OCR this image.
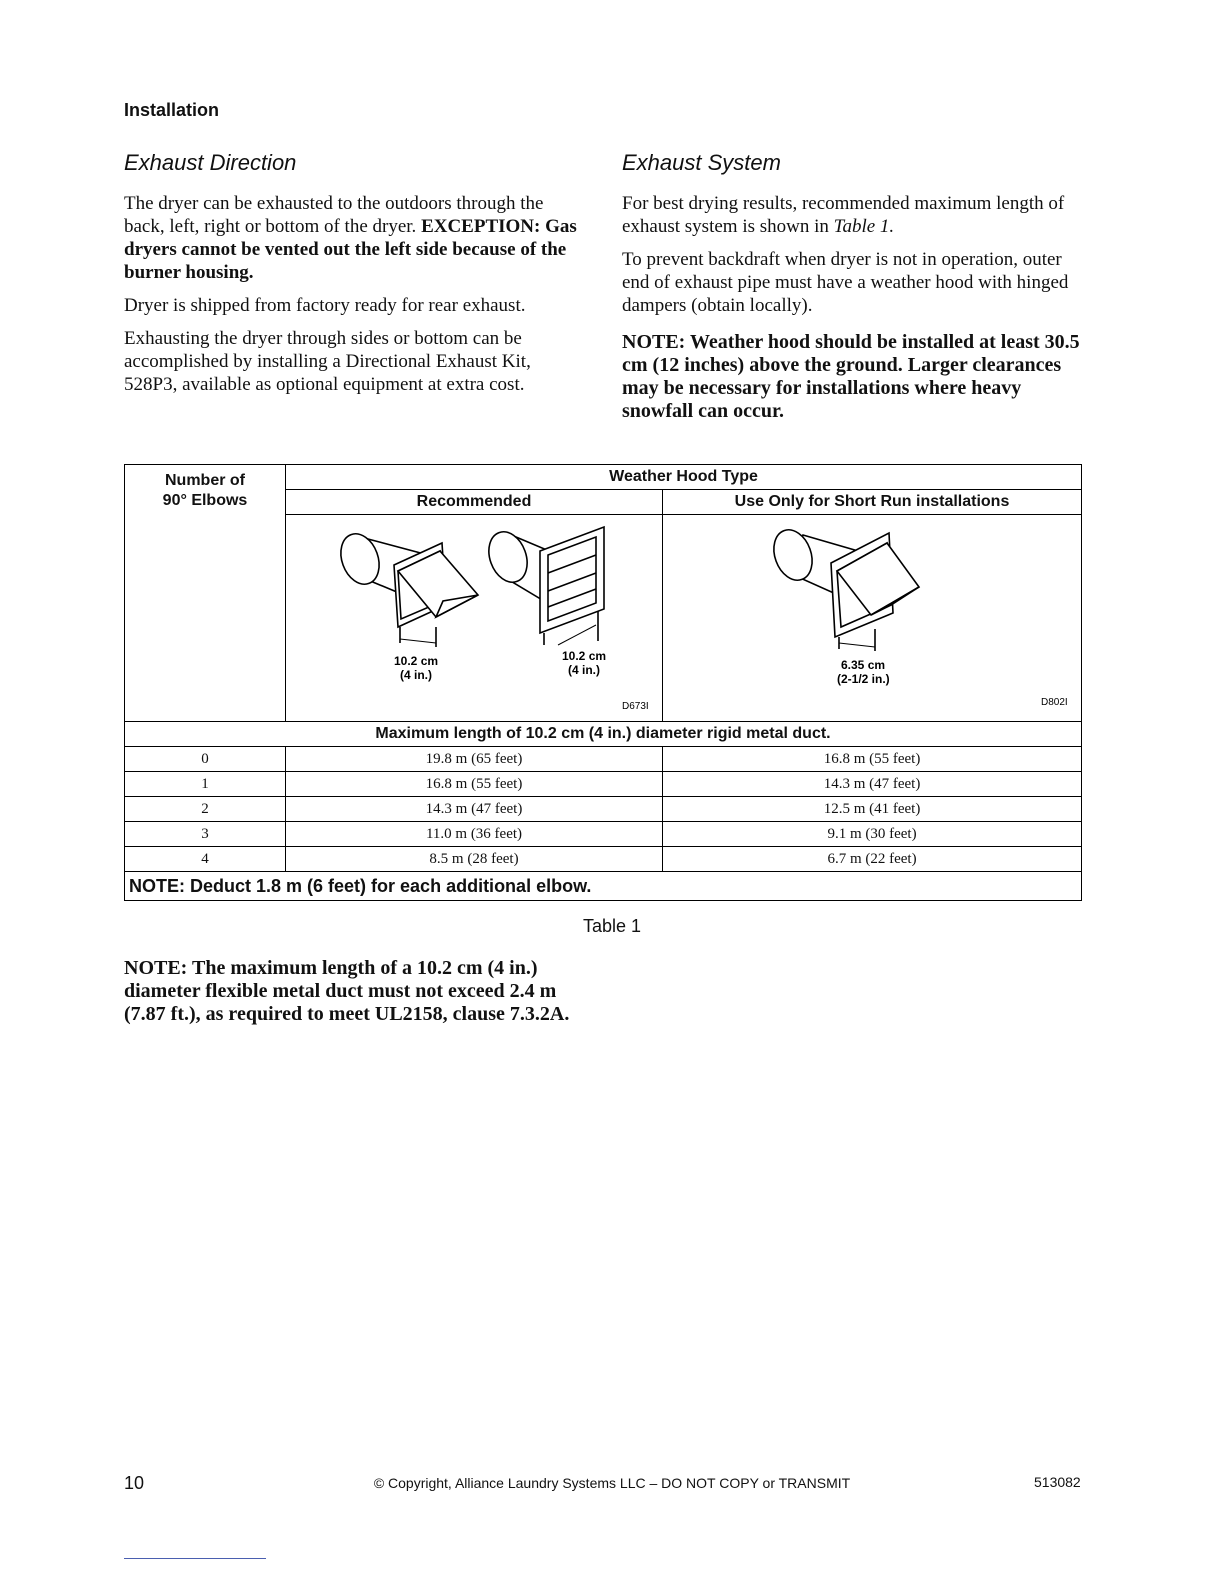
Installation
Exhaust Direction

The dryer can be exhausted to the outdoors through the back, left, right or bottom of the dryer. EXCEPTION: Gas dryers cannot be vented out the left side because of the burner housing.

Dryer is shipped from factory ready for rear exhaust.

Exhausting the dryer through sides or bottom can be accomplished by installing a Directional Exhaust Kit, 528P3, available as optional equipment at extra cost.

Exhaust System

For best drying results, recommended maximum length of exhaust system is shown in Table 1.

To prevent backdraft when dryer is not in operation, outer end of exhaust pipe must have a weather hood with hinged dampers (obtain locally).

NOTE: Weather hood should be installed at least 30.5 cm (12 inches) above the ground. Larger clearances may be necessary for installations where heavy snowfall can occur.

Number of
90° Elbows	Weather Hood Type	
	Recommended	Use Only for Short Run installations

10.2 cm
(4 in.)
10.2 cm
(4 in.)
D673I	6.35 cm
(2-1/2 in.)
D802I

Maximum length of 10.2 cm (4 in.) diameter rigid metal duct.		
0	19.8 m (65 feet)	16.8 m (55 feet)
1	16.8 m (55 feet)	14.3 m (47 feet)
2	14.3 m (47 feet)	12.5 m (41 feet)
3	11.0 m (36 feet)	9.1 m (30 feet)
4	8.5 m (28 feet)	6.7 m (22 feet)
NOTE: Deduct 1.8 m (6 feet) for each additional elbow.		
Table 1

NOTE: The maximum length of a 10.2 cm (4 in.) diameter flexible metal duct must not exceed 2.4 m (7.87 ft.), as required to meet UL2158, clause 7.3.2A.

10	© Copyright, Alliance Laundry Systems LLC – DO NOT COPY or TRANSMIT	513082
